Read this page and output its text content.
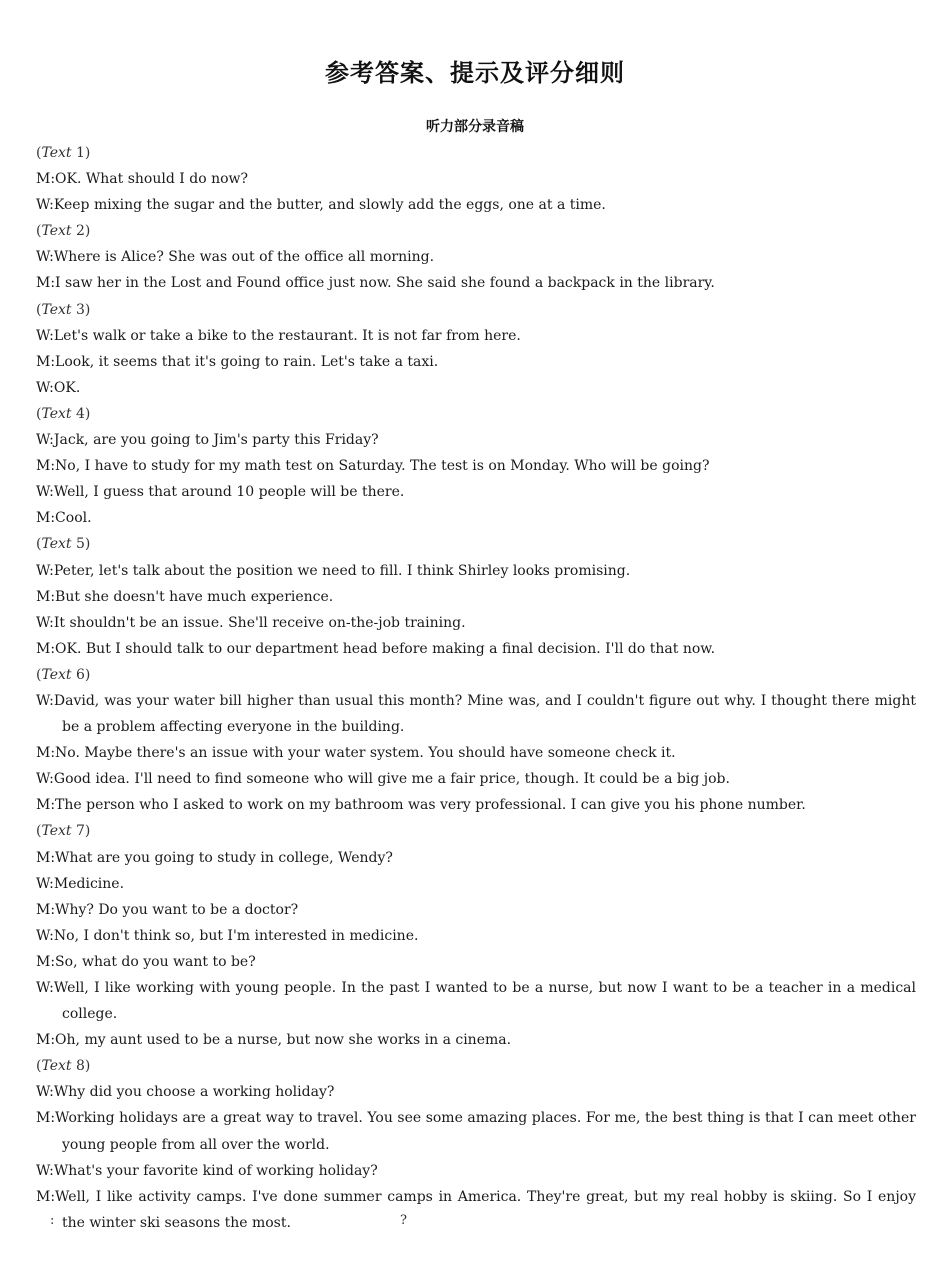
参考答案、提示及评分细则
听力部分录音稿
(Text 1)
M:OK. What should I do now?
W:Keep mixing the sugar and the butter, and slowly add the eggs, one at a time.
(Text 2)
W:Where is Alice? She was out of the office all morning.
M:I saw her in the Lost and Found office just now. She said she found a backpack in the library.
(Text 3)
W:Let's walk or take a bike to the restaurant. It is not far from here.
M:Look, it seems that it's going to rain. Let's take a taxi.
W:OK.
(Text 4)
W:Jack, are you going to Jim's party this Friday?
M:No, I have to study for my math test on Saturday. The test is on Monday. Who will be going?
W:Well, I guess that around 10 people will be there.
M:Cool.
(Text 5)
W:Peter, let's talk about the position we need to fill. I think Shirley looks promising.
M:But she doesn't have much experience.
W:It shouldn't be an issue. She'll receive on-the-job training.
M:OK. But I should talk to our department head before making a final decision. I'll do that now.
(Text 6)
W:David, was your water bill higher than usual this month? Mine was, and I couldn't figure out why. I thought there might be a problem affecting everyone in the building.
M:No. Maybe there's an issue with your water system. You should have someone check it.
W:Good idea. I'll need to find someone who will give me a fair price, though. It could be a big job.
M:The person who I asked to work on my bathroom was very professional. I can give you his phone number.
(Text 7)
M:What are you going to study in college, Wendy?
W:Medicine.
M:Why? Do you want to be a doctor?
W:No, I don't think so, but I'm interested in medicine.
M:So, what do you want to be?
W:Well, I like working with young people. In the past I wanted to be a nurse, but now I want to be a teacher in a medical college.
M:Oh, my aunt used to be a nurse, but now she works in a cinema.
(Text 8)
W:Why did you choose a working holiday?
M:Working holidays are a great way to travel. You see some amazing places. For me, the best thing is that I can meet other young people from all over the world.
W:What's your favorite kind of working holiday?
M:Well, I like activity camps. I've done summer camps in America. They're great, but my real hobby is skiing. So I enjoy the winter ski seasons the most.
:	?
